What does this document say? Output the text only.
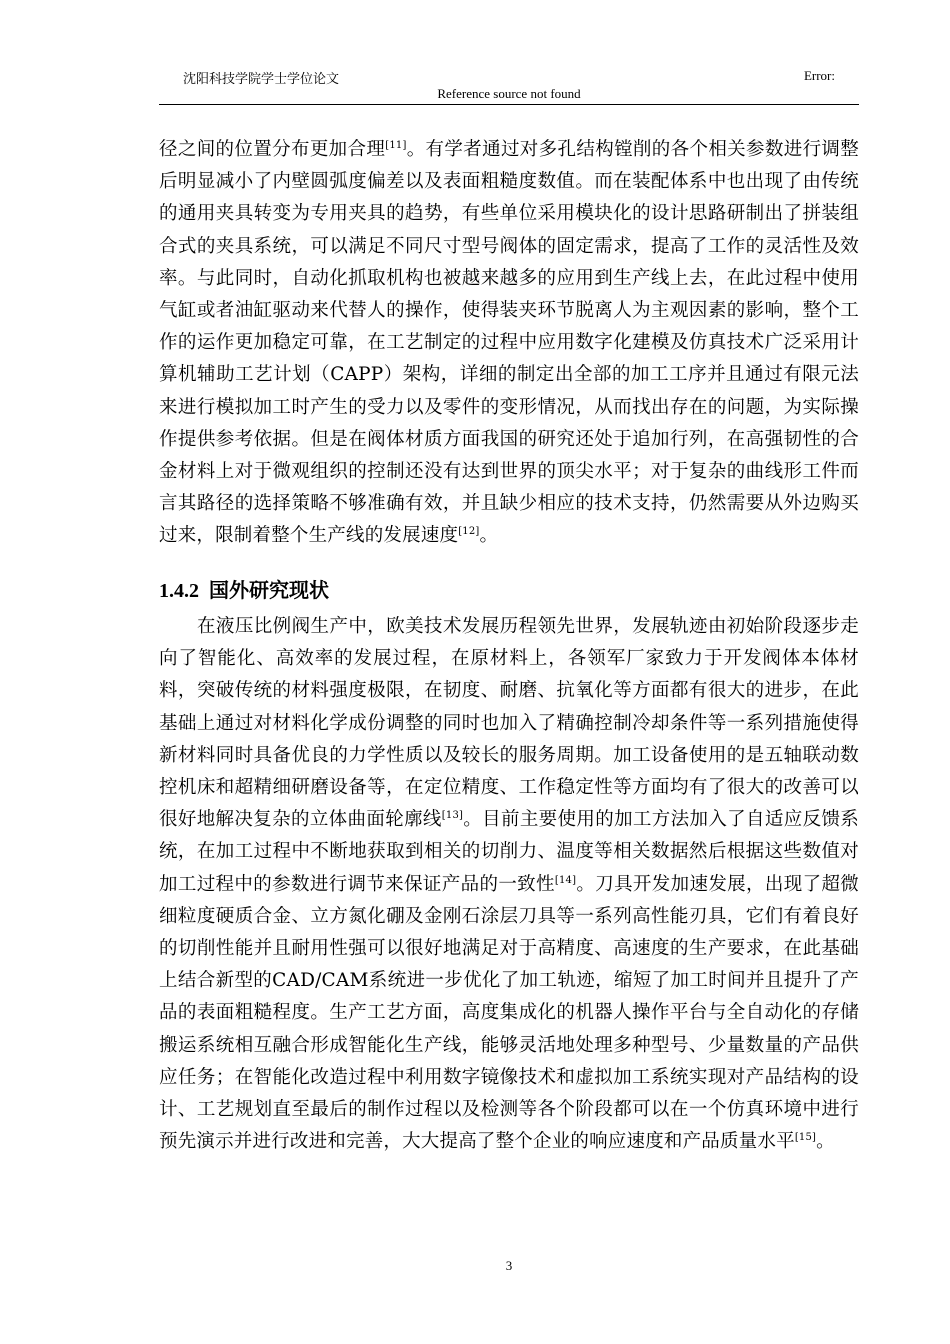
沈阳科技学院学士学位论文	Error:
Reference source not found
径之间的位置分布更加合理[11]。有学者通过对多孔结构镗削的各个相关参数进行调整后明显减小了内壁圆弧度偏差以及表面粗糙度数值。而在装配体系中也出现了由传统的通用夹具转变为专用夹具的趋势，有些单位采用模块化的设计思路研制出了拼装组合式的夹具系统，可以满足不同尺寸型号阀体的固定需求，提高了工作的灵活性及效率。与此同时，自动化抓取机构也被越来越多的应用到生产线上去，在此过程中使用气缸或者油缸驱动来代替人的操作，使得装夹环节脱离人为主观因素的影响，整个工作的运作更加稳定可靠，在工艺制定的过程中应用数字化建模及仿真技术广泛采用计算机辅助工艺计划（CAPP）架构，详细的制定出全部的加工工序并且通过有限元法来进行模拟加工时产生的受力以及零件的变形情况，从而找出存在的问题，为实际操作提供参考依据。但是在阀体材质方面我国的研究还处于追加行列，在高强韧性的合金材料上对于微观组织的控制还没有达到世界的顶尖水平；对于复杂的曲线形工件而言其路径的选择策略不够准确有效，并且缺少相应的技术支持，仍然需要从外边购买过来，限制着整个生产线的发展速度[12]。
1.4.2 国外研究现状
在液压比例阀生产中，欧美技术发展历程领先世界，发展轨迹由初始阶段逐步走向了智能化、高效率的发展过程，在原材料上，各领军厂家致力于开发阀体本体材料，突破传统的材料强度极限，在韧度、耐磨、抗氧化等方面都有很大的进步，在此基础上通过对材料化学成份调整的同时也加入了精确控制冷却条件等一系列措施使得新材料同时具备优良的力学性质以及较长的服务周期。加工设备使用的是五轴联动数控机床和超精细研磨设备等，在定位精度、工作稳定性等方面均有了很大的改善可以很好地解决复杂的立体曲面轮廓线[13]。目前主要使用的加工方法加入了自适应反馈系统，在加工过程中不断地获取到相关的切削力、温度等相关数据然后根据这些数值对加工过程中的参数进行调节来保证产品的一致性[14]。刀具开发加速发展，出现了超微细粒度硬质合金、立方氮化硼及金刚石涂层刀具等一系列高性能刃具，它们有着良好的切削性能并且耐用性强可以很好地满足对于高精度、高速度的生产要求，在此基础上结合新型的CAD/CAM系统进一步优化了加工轨迹，缩短了加工时间并且提升了产品的表面粗糙程度。生产工艺方面，高度集成化的机器人操作平台与全自动化的存储搬运系统相互融合形成智能化生产线，能够灵活地处理多种型号、少量数量的产品供应任务；在智能化改造过程中利用数字镜像技术和虚拟加工系统实现对产品结构的设计、工艺规划直至最后的制作过程以及检测等各个阶段都可以在一个仿真环境中进行预先演示并进行改进和完善，大大提高了整个企业的响应速度和产品质量水平[15]。
3
